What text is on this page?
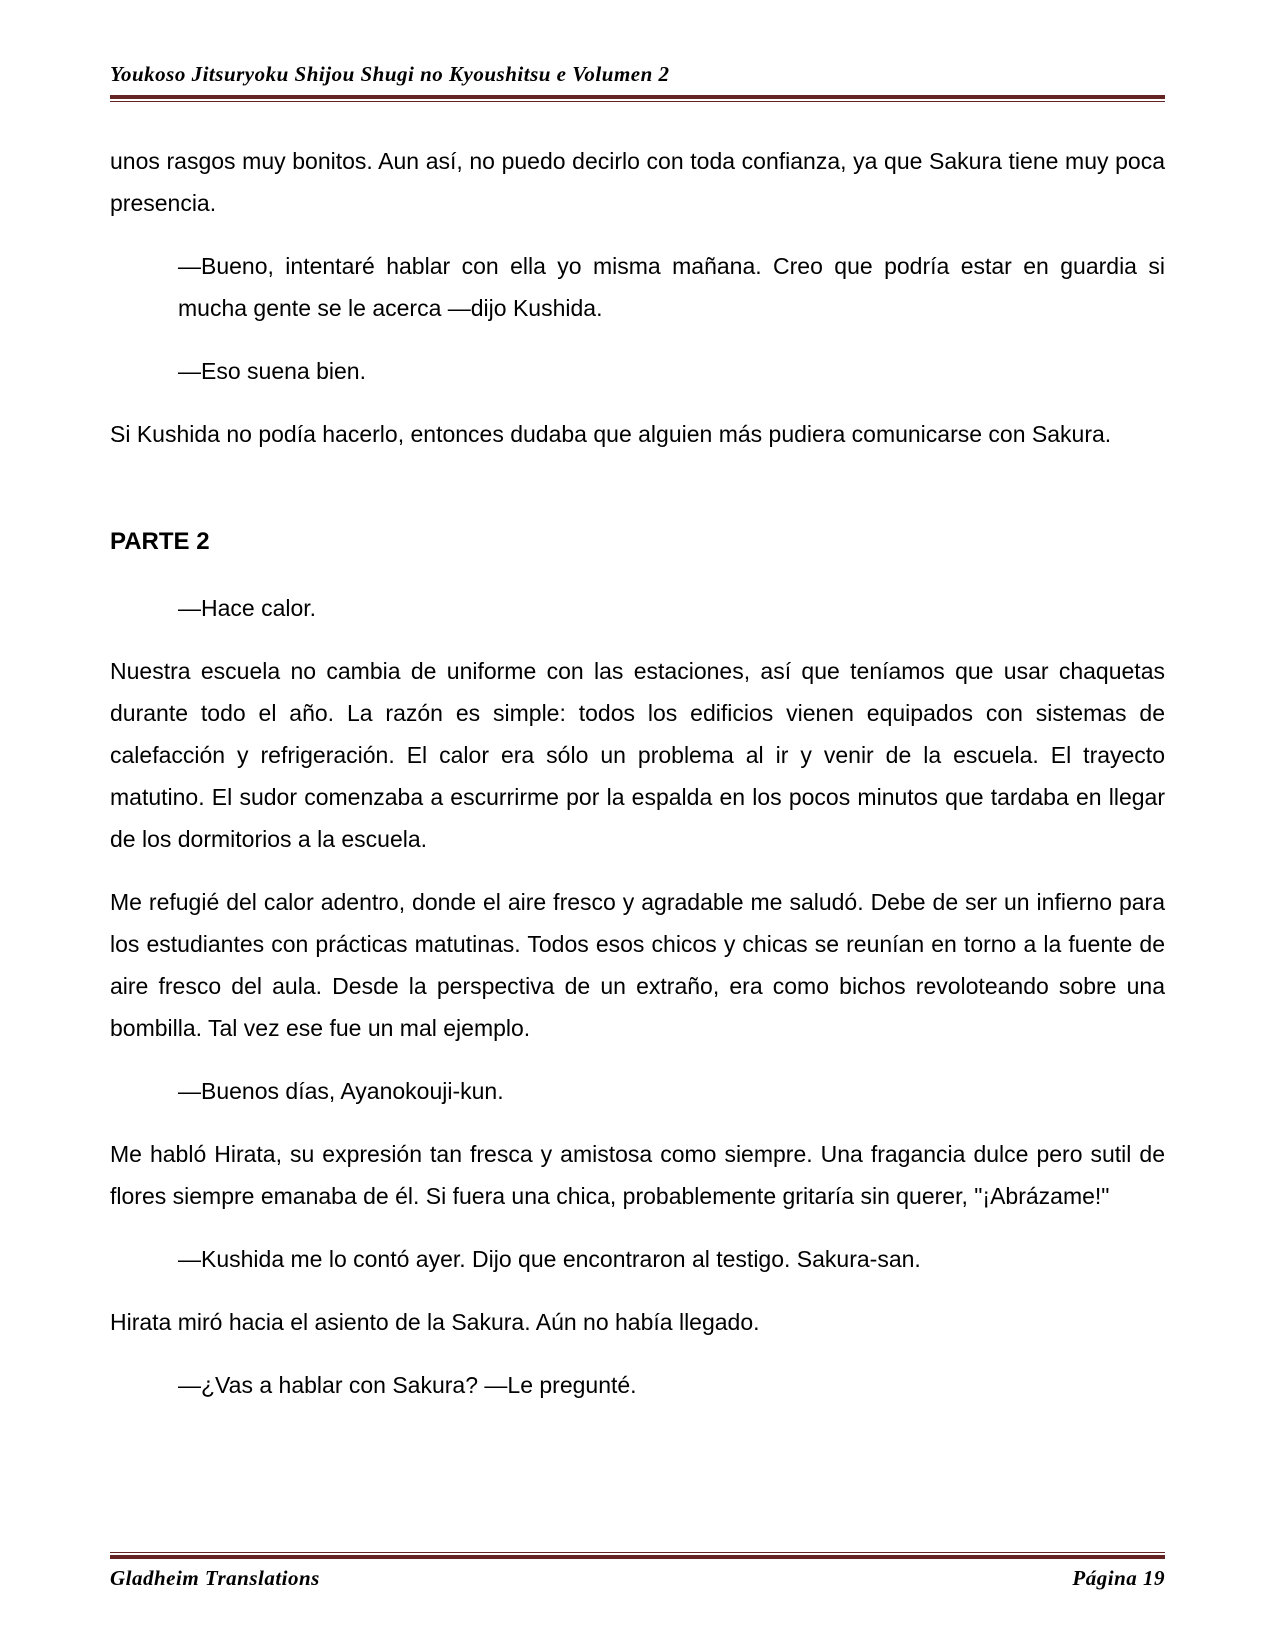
Youkoso Jitsuryoku Shijou Shugi no Kyoushitsu e Volumen 2

unos rasgos muy bonitos. Aun así, no puedo decirlo con toda confianza, ya que Sakura tiene muy poca presencia.

—Bueno, intentaré hablar con ella yo misma mañana. Creo que podría estar en guardia si mucha gente se le acerca —dijo Kushida.

—Eso suena bien.

Si Kushida no podía hacerlo, entonces dudaba que alguien más pudiera comunicarse con Sakura.

PARTE 2

—Hace calor.

Nuestra escuela no cambia de uniforme con las estaciones, así que teníamos que usar chaquetas durante todo el año. La razón es simple: todos los edificios vienen equipados con sistemas de calefacción y refrigeración. El calor era sólo un problema al ir y venir de la escuela. El trayecto matutino. El sudor comenzaba a escurrirme por la espalda en los pocos minutos que tardaba en llegar de los dormitorios a la escuela.

Me refugié del calor adentro, donde el aire fresco y agradable me saludó. Debe de ser un infierno para los estudiantes con prácticas matutinas. Todos esos chicos y chicas se reunían en torno a la fuente de aire fresco del aula. Desde la perspectiva de un extraño, era como bichos revoloteando sobre una bombilla. Tal vez ese fue un mal ejemplo.

—Buenos días, Ayanokouji-kun.

Me habló Hirata, su expresión tan fresca y amistosa como siempre. Una fragancia dulce pero sutil de flores siempre emanaba de él. Si fuera una chica, probablemente gritaría sin querer, "¡Abrázame!"

—Kushida me lo contó ayer. Dijo que encontraron al testigo. Sakura-san.

Hirata miró hacia el asiento de la Sakura. Aún no había llegado.

—¿Vas a hablar con Sakura? —Le pregunté.

Gladheim Translations	Página 19
